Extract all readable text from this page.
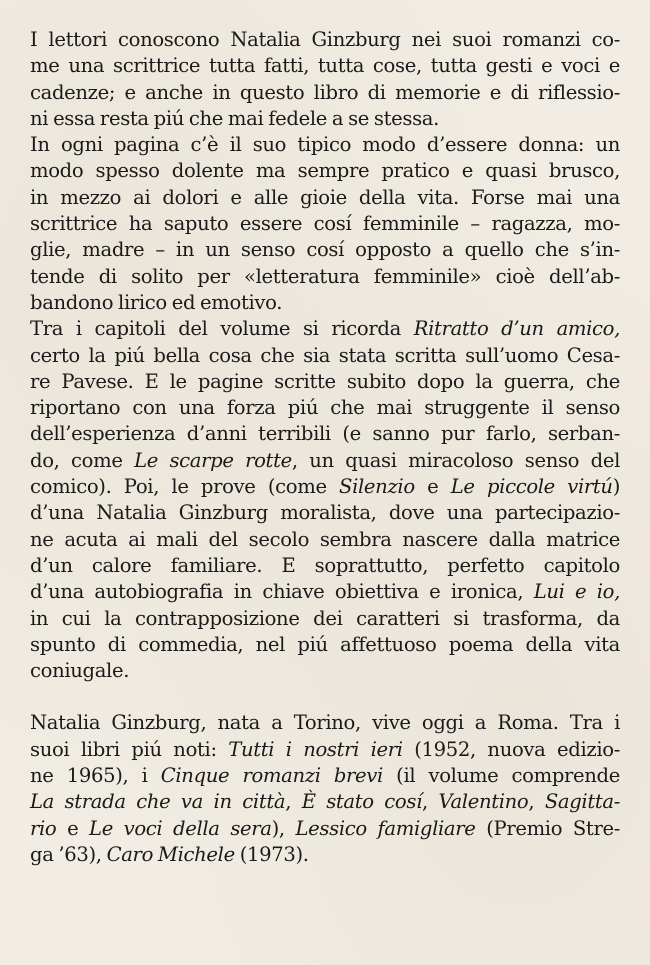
I lettori conoscono Natalia Ginzburg nei suoi romanzi co-
me una scrittrice tutta fatti, tutta cose, tutta gesti e voci e
cadenze; e anche in questo libro di memorie e di riflessio-
ni essa resta piú che mai fedele a se stessa.
In ogni pagina c’è il suo tipico modo d’essere donna: un
modo spesso dolente ma sempre pratico e quasi brusco,
in mezzo ai dolori e alle gioie della vita. Forse mai una
scrittrice ha saputo essere cosí femminile – ragazza, mo-
glie, madre – in un senso cosí opposto a quello che s’in-
tende di solito per «letteratura femminile» cioè dell’ab-
bandono lirico ed emotivo.
Tra i capitoli del volume si ricorda Ritratto d’un amico,
certo la piú bella cosa che sia stata scritta sull’uomo Cesa-
re Pavese. E le pagine scritte subito dopo la guerra, che
riportano con una forza piú che mai struggente il senso
dell’esperienza d’anni terribili (e sanno pur farlo, serban-
do, come Le scarpe rotte, un quasi miracoloso senso del
comico). Poi, le prove (come Silenzio e Le piccole virtú)
d’una Natalia Ginzburg moralista, dove una partecipazio-
ne acuta ai mali del secolo sembra nascere dalla matrice
d’un calore familiare. E soprattutto, perfetto capitolo
d’una autobiografia in chiave obiettiva e ironica, Lui e io,
in cui la contrapposizione dei caratteri si trasforma, da
spunto di commedia, nel piú affettuoso poema della vita
coniugale.
Natalia Ginzburg, nata a Torino, vive oggi a Roma. Tra i
suoi libri piú noti: Tutti i nostri ieri (1952, nuova edizio-
ne 1965), i Cinque romanzi brevi (il volume comprende
La strada che va in città, È stato cosí, Valentino, Sagitta-
rio e Le voci della sera), Lessico famigliare (Premio Stre-
ga ’63), Caro Michele (1973).
